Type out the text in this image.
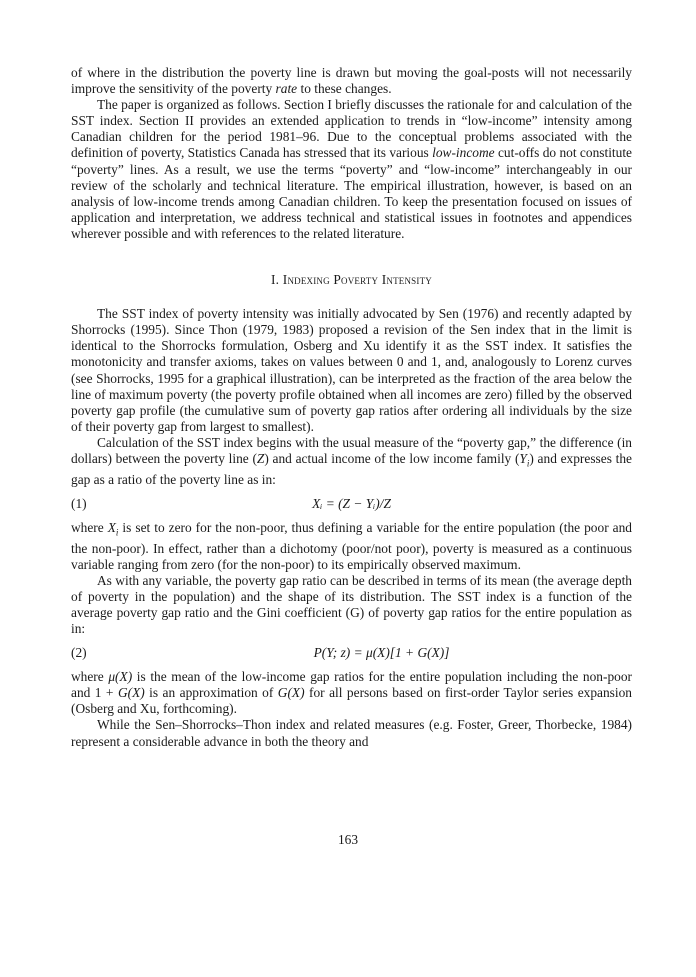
of where in the distribution the poverty line is drawn but moving the goal-posts will not necessarily improve the sensitivity of the poverty rate to these changes.

The paper is organized as follows. Section I briefly discusses the rationale for and calculation of the SST index. Section II provides an extended application to trends in “low-income” intensity among Canadian children for the period 1981–96. Due to the conceptual problems associated with the definition of poverty, Statistics Canada has stressed that its various low-income cut-offs do not constitute “poverty” lines. As a result, we use the terms “poverty” and “low-income” interchangeably in our review of the scholarly and technical literature. The empirical illustration, however, is based on an analysis of low-income trends among Canadian children. To keep the presentation focused on issues of application and interpretation, we address technical and statistical issues in footnotes and appendices wherever possible and with references to the related literature.

I. Indexing Poverty Intensity

The SST index of poverty intensity was initially advocated by Sen (1976) and recently adapted by Shorrocks (1995). Since Thon (1979, 1983) proposed a revision of the Sen index that in the limit is identical to the Shorrocks formulation, Osberg and Xu identify it as the SST index. It satisfies the monotonicity and transfer axioms, takes on values between 0 and 1, and, analogously to Lorenz curves (see Shorrocks, 1995 for a graphical illustration), can be interpreted as the fraction of the area below the line of maximum poverty (the poverty profile obtained when all incomes are zero) filled by the observed poverty gap profile (the cumulative sum of poverty gap ratios after ordering all individuals by the size of their poverty gap from largest to smallest).

Calculation of the SST index begins with the usual measure of the “poverty gap,” the difference (in dollars) between the poverty line (Z) and actual income of the low income family $(Y_i)$ and expresses the gap as a ratio of the poverty line as in:

(1)	Xᵢ = (Z − Yᵢ)/Z

where $X_i$ is set to zero for the non-poor, thus defining a variable for the entire population (the poor and the non-poor). In effect, rather than a dichotomy (poor/not poor), poverty is measured as a continuous variable ranging from zero (for the non-poor) to its empirically observed maximum.

As with any variable, the poverty gap ratio can be described in terms of its mean (the average depth of poverty in the population) and the shape of its distribution. The SST index is a function of the average poverty gap ratio and the Gini coefficient (G) of poverty gap ratios for the entire population as in:

(2)	P(Y; z) = μ(X)[1 + G(X)]

where μ(X) is the mean of the low-income gap ratios for the entire population including the non-poor and 1 + G(X) is an approximation of G(X) for all persons based on first-order Taylor series expansion (Osberg and Xu, forthcoming).

While the Sen–Shorrocks–Thon index and related measures (e.g. Foster, Greer, Thorbecke, 1984) represent a considerable advance in both the theory and

163
